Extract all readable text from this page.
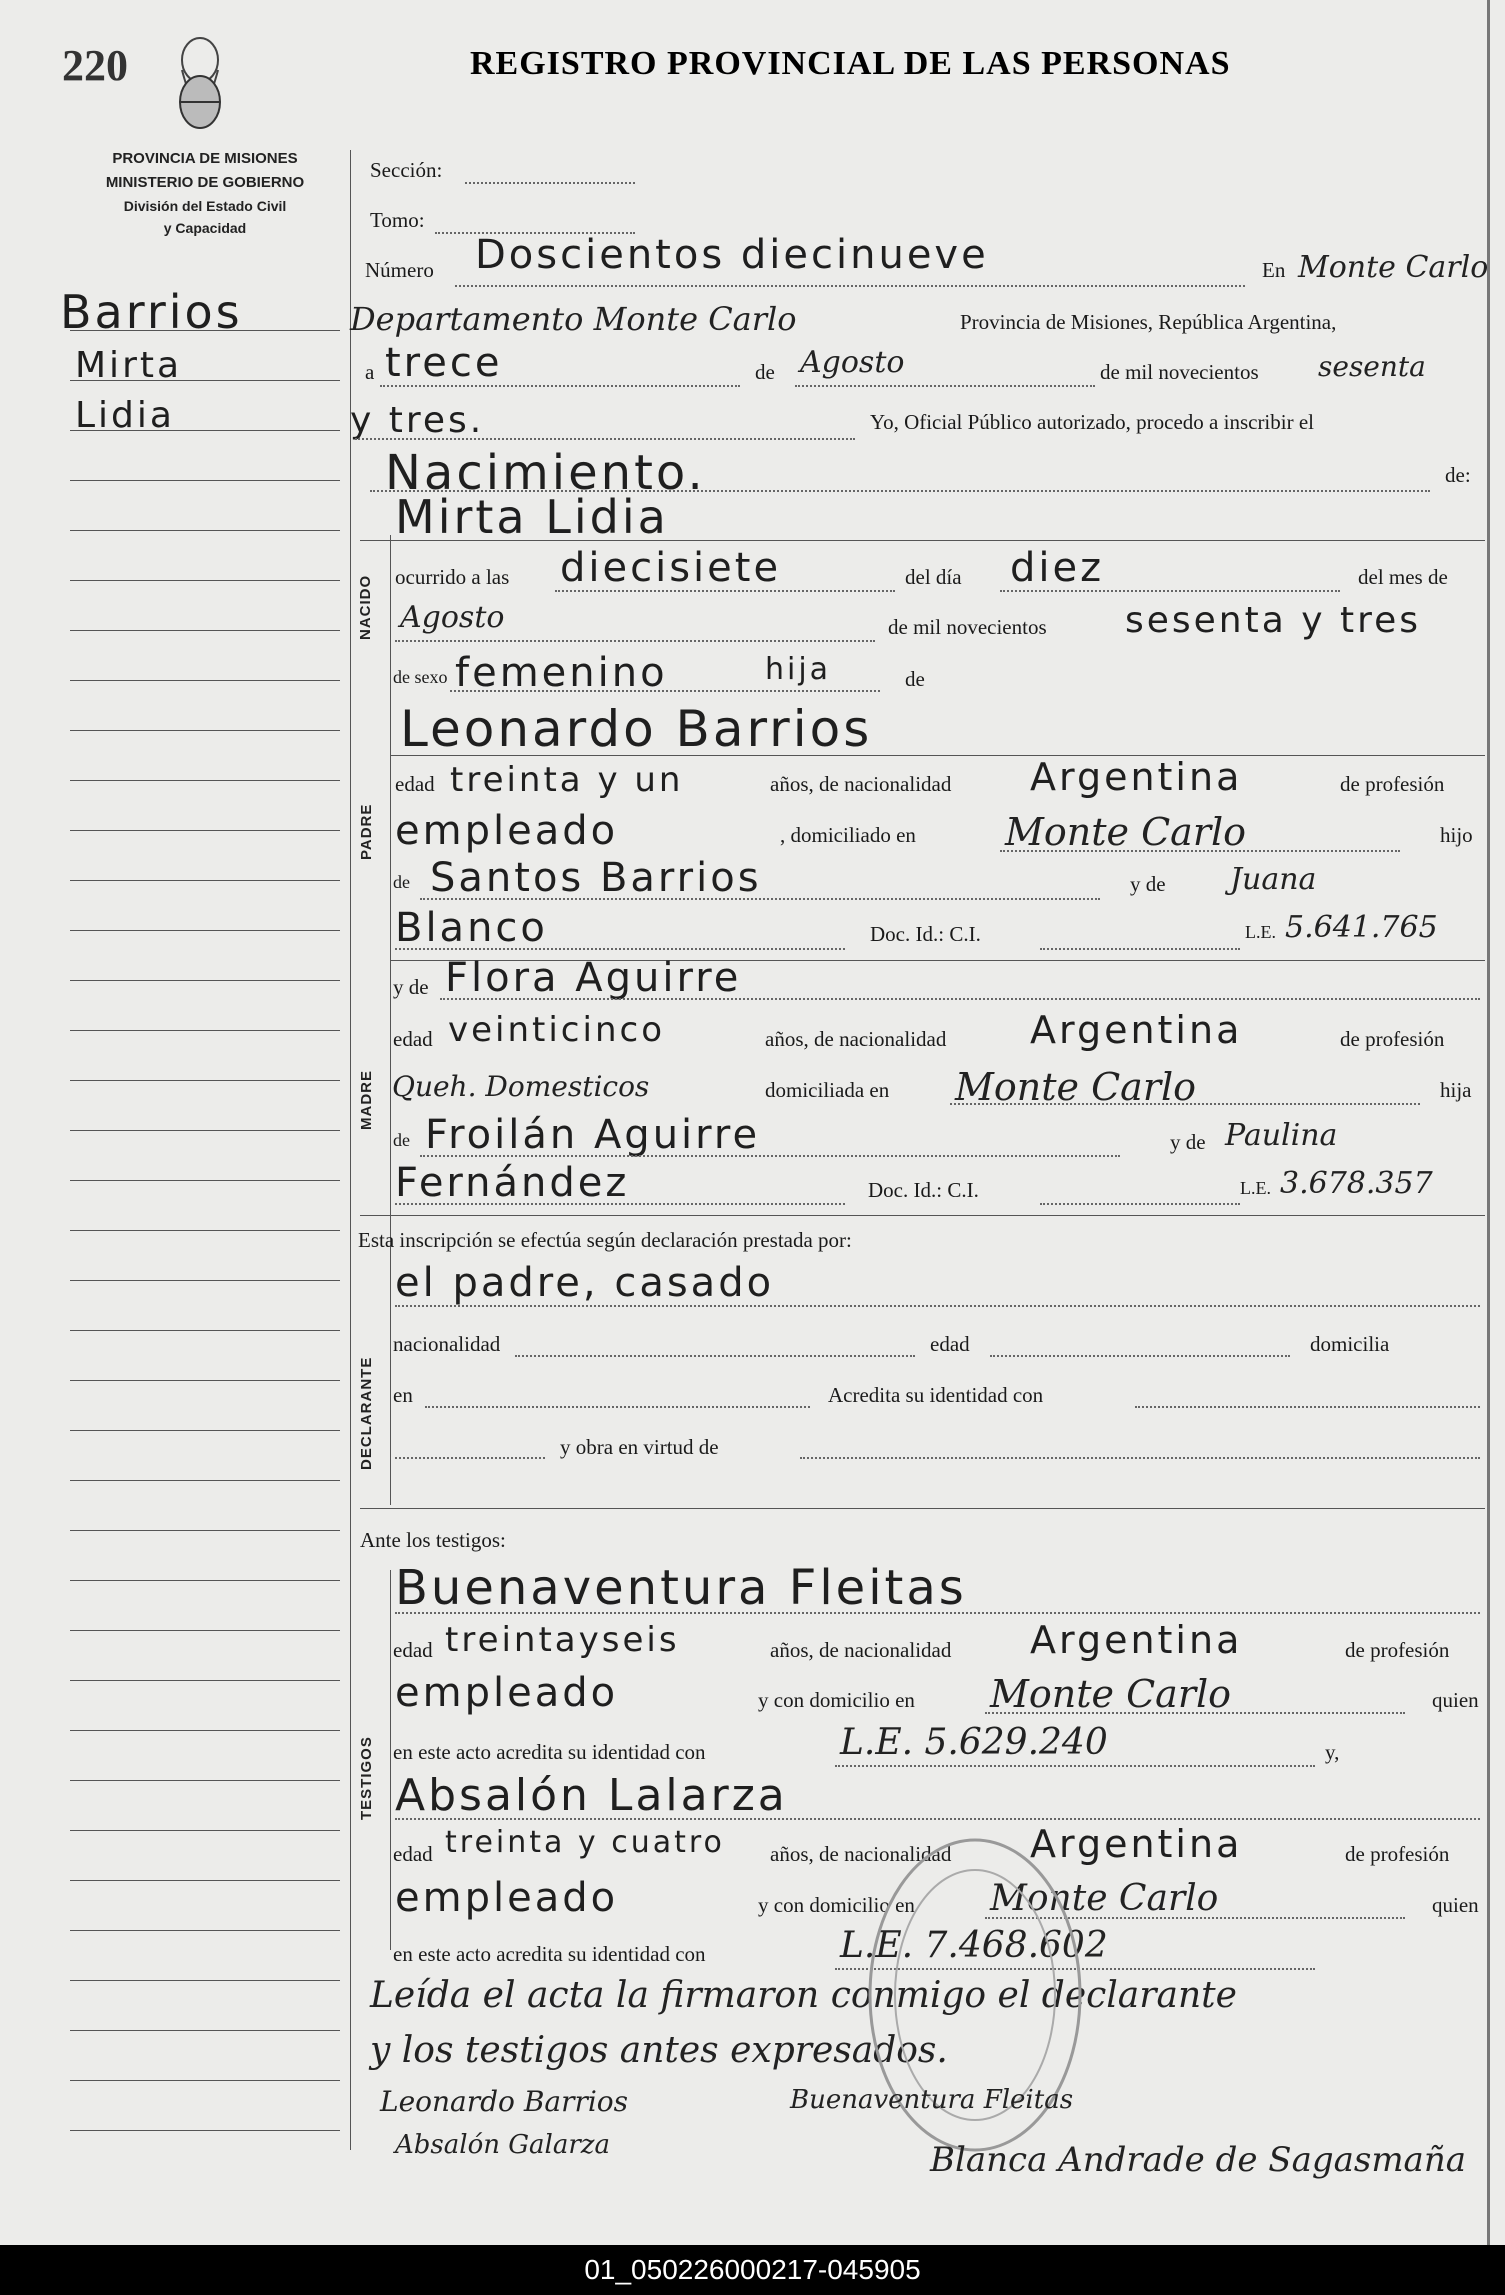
220	REGISTRO PROVINCIAL DE LAS PERSONAS
PROVINCIA DE MISIONES
MINISTERIO DE GOBIERNO
División del Estado Civil
y Capacidad
Barrios
Mirta
Lidia
Sección:
Tomo:
Número Doscientos diecinueve	En Monte Carlo
Departamento Monte Carlo	Provincia de Misiones, República Argentina,
a trece	de Agosto	de mil novecientos sesenta
y tres.	Yo, Oficial Público autorizado, procedo a inscribir el
Nacimiento.	de:
Mirta Lidia
NACIDO ocurrido a las diecisiete	del día diez	del mes de
Agosto	de mil novecientos sesenta y tres
de sexo femenino	hija	de
Leonardo Barrios
PADRE
edad treinta y un	años, de nacionalidad Argentina	de profesión
empleado	, domiciliado en Monte Carlo	hijo
de Santos Barrios	y de Juana
Blanco	Doc. Id.: C.I.	L.E. 5.641.765
MADRE
y de Flora Aguirre
edad veinticinco	años, de nacionalidad Argentina	de profesión
Queh. Domesticos	domiciliada en Monte Carlo	hija
de Froilán Aguirre	y de Paulina
Fernández	Doc. Id.: C.I.	L.E. 3.678.357
Esta inscripción se efectúa según declaración prestada por:
DECLARANTE
el padre, casado
nacionalidad	edad	domicilia
en	Acredita su identidad con
y obra en virtud de
Ante los testigos:
TESTIGOS
Buenaventura Fleitas
edad treintayseis	años, de nacionalidad Argentina	de profesión
empleado	y con domicilio en Monte Carlo	quien
en este acto acredita su identidad con	L.E. 5.629.240	y,
Absalón Lalarza
edad treinta y cuatro años, de nacionalidad Argentina	de profesión
empleado	y con domicilio en Monte Carlo	quien
en este acto acredita su identidad con	L.E. 7.468.602
Leída el acta la firmaron conmigo el declarante
y los testigos antes expresados.
Leonardo Barrios	Buenaventura Fleitas
Absalón Galarza	Blanca Andrade de Sagasmaña
01_050226000217-045905
